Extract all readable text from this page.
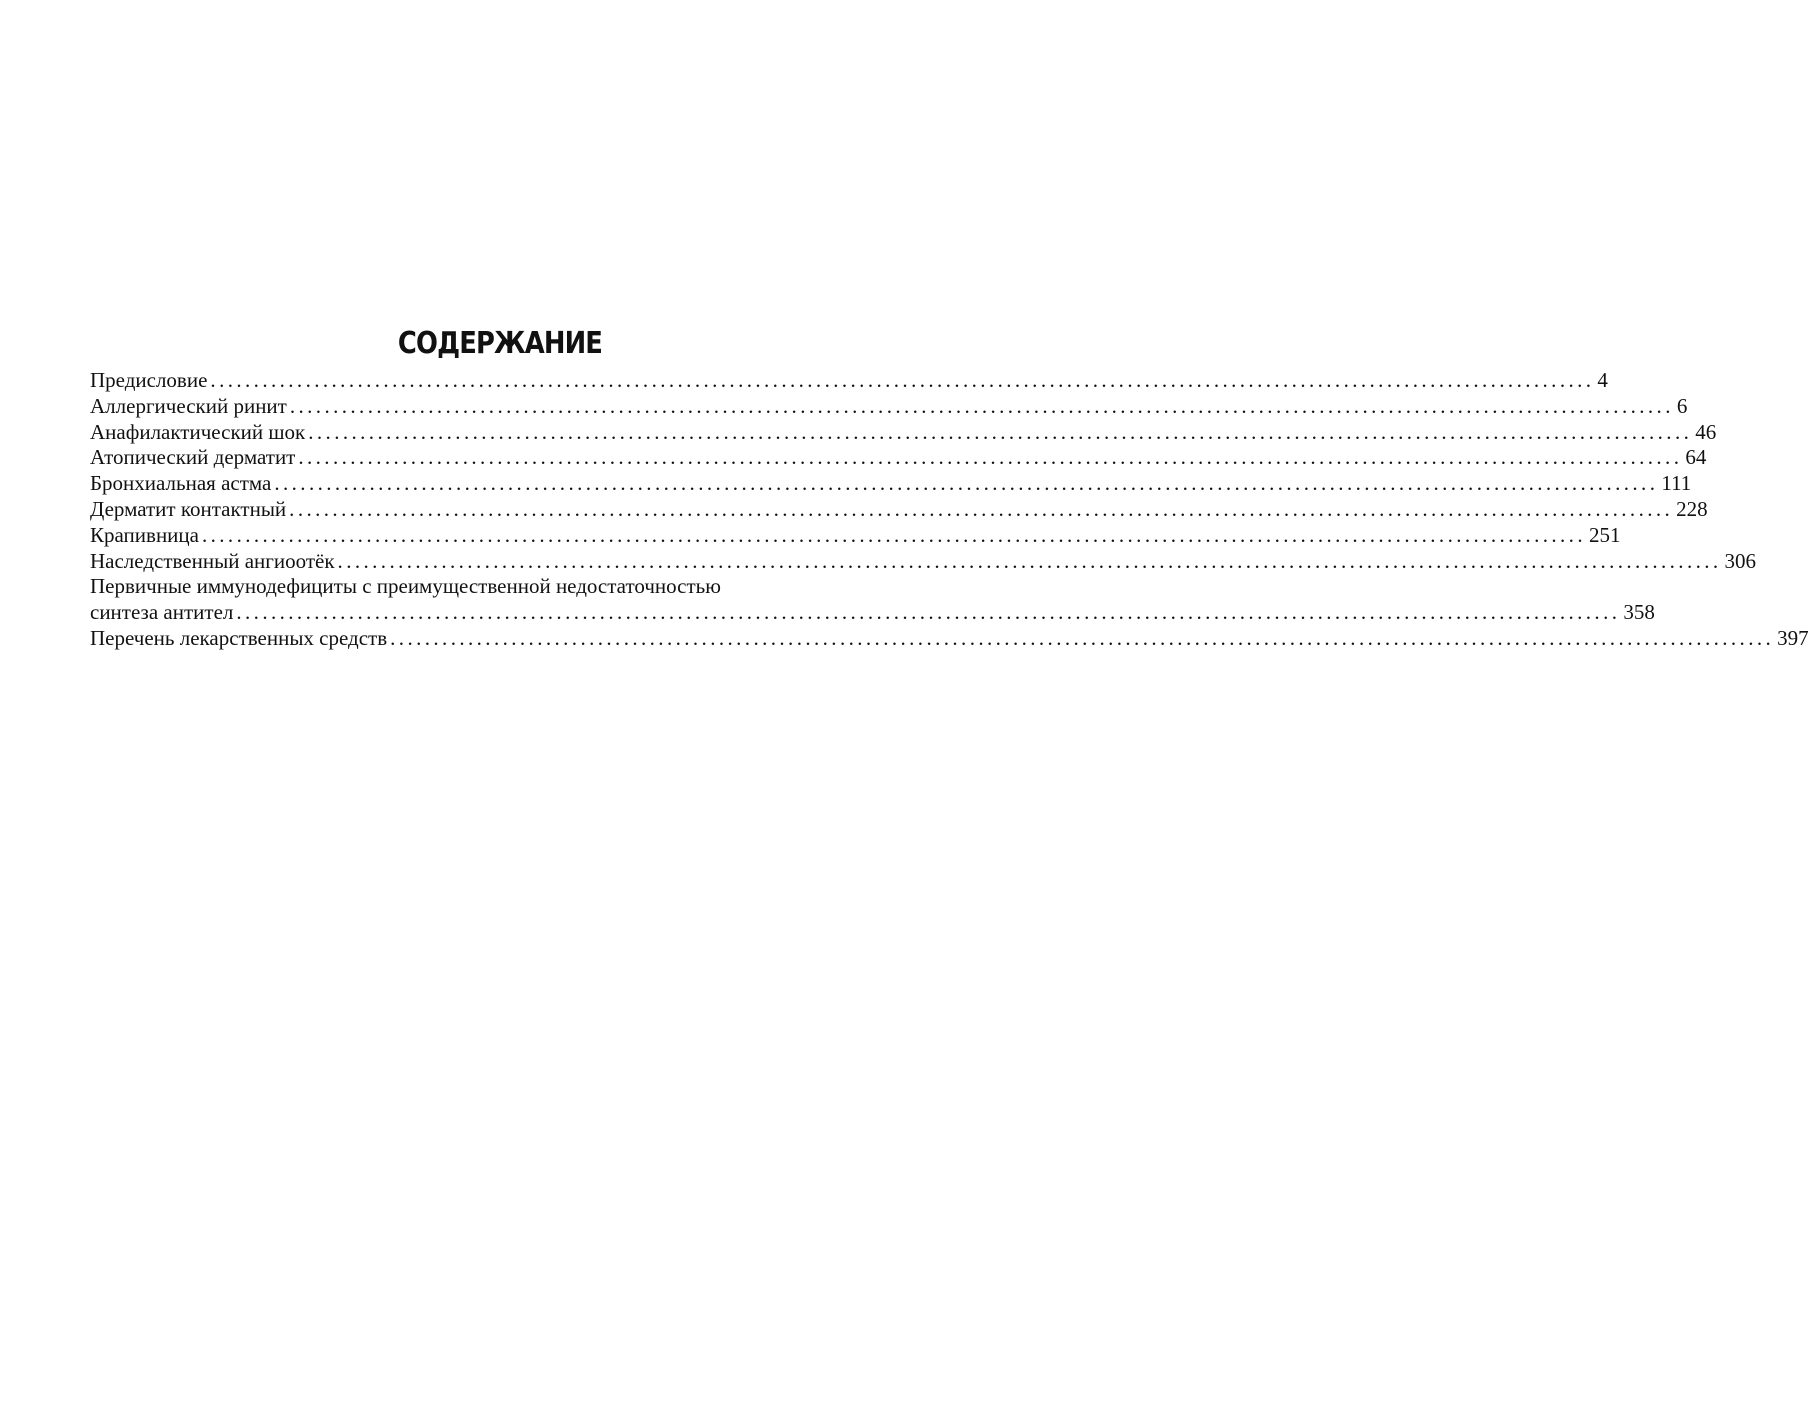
СОДЕРЖАНИЕ
Предисловие ................................................................................................................................................................ 4
Аллергический ринит ................................................................................................................................................................ 6
Анафилактический шок ................................................................................................................................................................ 46
Атопический дерматит ................................................................................................................................................................ 64
Бронхиальная астма ................................................................................................................................................................ 111
Дерматит контактный ................................................................................................................................................................ 228
Крапивница ................................................................................................................................................................ 251
Наследственный ангиоотёк ................................................................................................................................................................ 306
Первичные иммунодефициты с преимущественной недостаточностью
синтеза антител ................................................................................................................................................................ 358
Перечень лекарственных средств ................................................................................................................................................................ 397
